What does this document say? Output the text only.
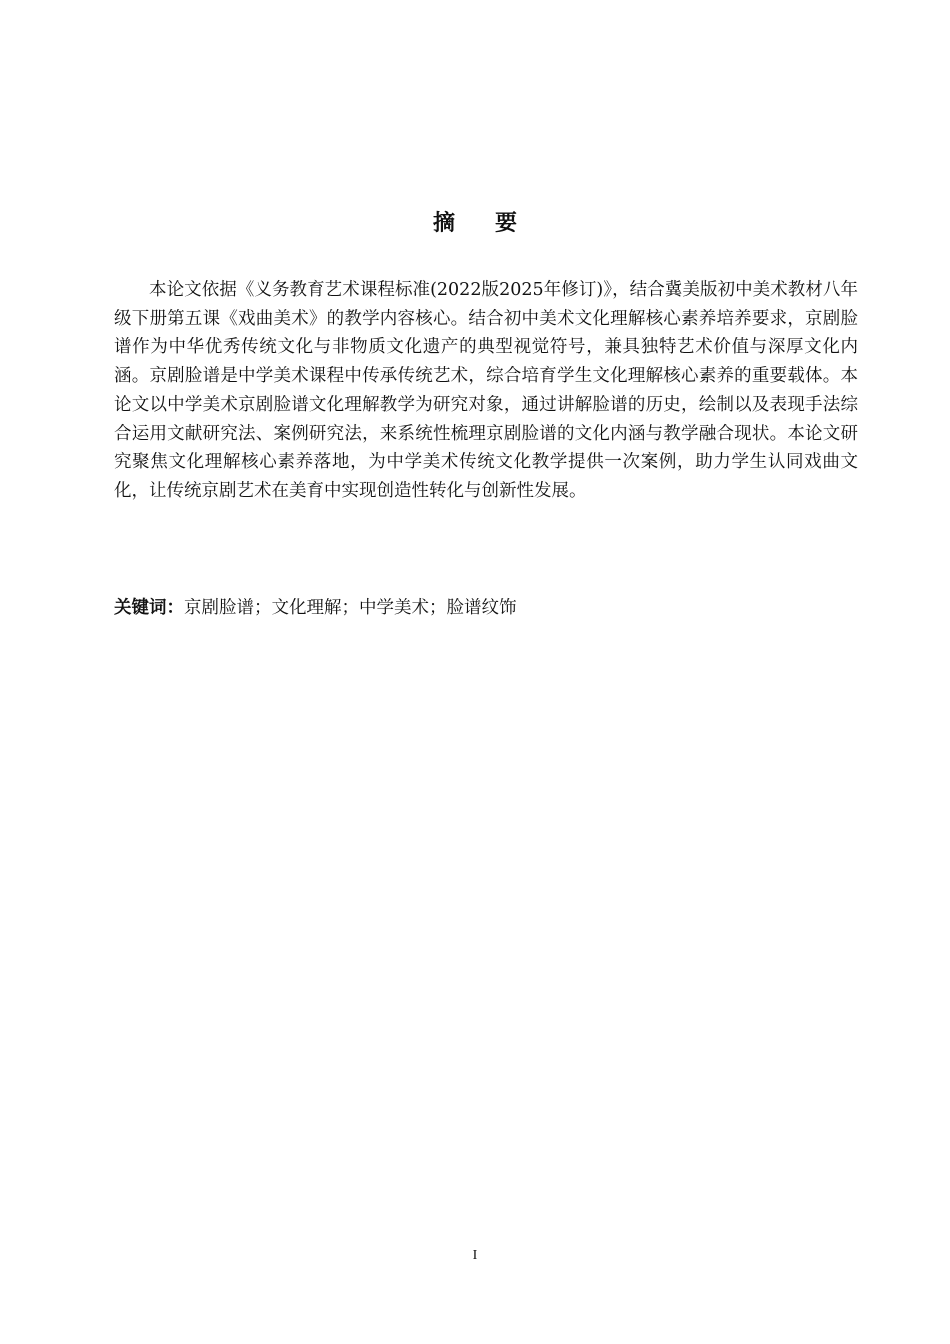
摘要

本论文依据《义务教育艺术课程标准(2022版2025年修订)》，结合冀美版初中美术教材八年级下册第五课《戏曲美术》的教学内容核心。结合初中美术文化理解核心素养培养要求，京剧脸谱作为中华优秀传统文化与非物质文化遗产的典型视觉符号，兼具独特艺术价值与深厚文化内涵。京剧脸谱是中学美术课程中传承传统艺术，综合培育学生文化理解核心素养的重要载体。本论文以中学美术京剧脸谱文化理解教学为研究对象，通过讲解脸谱的历史，绘制以及表现手法综合运用文献研究法、案例研究法，来系统性梳理京剧脸谱的文化内涵与教学融合现状。本论文研究聚焦文化理解核心素养落地，为中学美术传统文化教学提供一次案例，助力学生认同戏曲文化，让传统京剧艺术在美育中实现创造性转化与创新性发展。

关键词：京剧脸谱；文化理解；中学美术；脸谱纹饰

I
